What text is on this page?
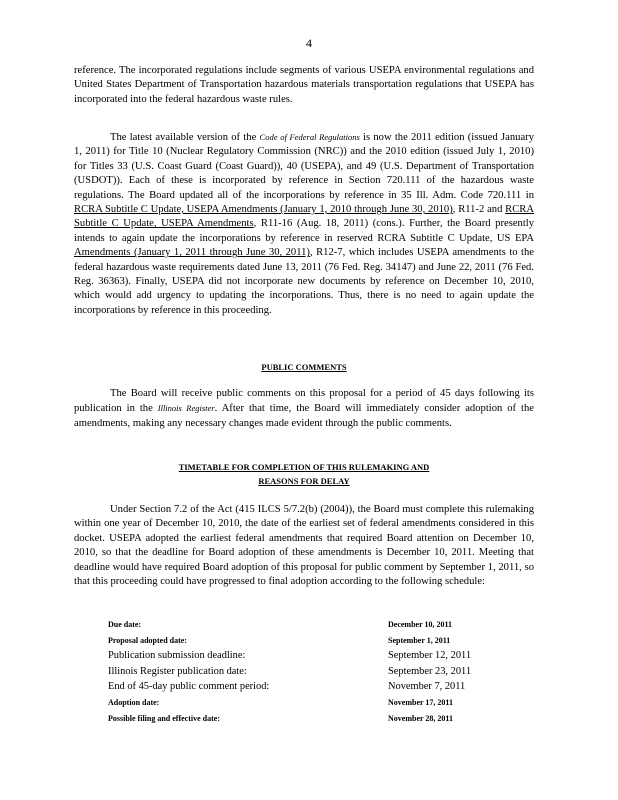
4

reference. The incorporated regulations include segments of various USEPA environmental regulations and United States Department of Transportation hazardous materials transportation regulations that USEPA has incorporated into the federal hazardous waste rules.

The latest available version of the Code of Federal Regulations is now the 2011 edition (issued January 1, 2011) for Title 10 (Nuclear Regulatory Commission (NRC)) and the 2010 edition (issued July 1, 2010) for Titles 33 (U.S. Coast Guard (Coast Guard)), 40 (USEPA), and 49 (U.S. Department of Transportation (USDOT)). Each of these is incorporated by reference in Section 720.111 of the hazardous waste regulations. The Board updated all of the incorporations by reference in 35 Ill. Adm. Code 720.111 in RCRA Subtitle C Update, USEPA Amendments (January 1, 2010 through June 30, 2010), R11-2 and RCRA Subtitle C Update, USEPA Amendments, R11-16 (Aug. 18, 2011) (cons.). Further, the Board presently intends to again update the incorporations by reference in reserved RCRA Subtitle C Update, US EPA Amendments (January 1, 2011 through June 30, 2011), R12-7, which includes USEPA amendments to the federal hazardous waste requirements dated June 13, 2011 (76 Fed. Reg. 34147) and June 22, 2011 (76 Fed. Reg. 36363). Finally, USEPA did not incorporate new documents by reference on December 10, 2010, which would add urgency to updating the incorporations. Thus, there is no need to again update the incorporations by reference in this proceeding.

PUBLIC COMMENTS

The Board will receive public comments on this proposal for a period of 45 days following its publication in the Illinois Register. After that time, the Board will immediately consider adoption of the amendments, making any necessary changes made evident through the public comments.

TIMETABLE FOR COMPLETION OF THIS RULEMAKING AND
REASONS FOR DELAY

Under Section 7.2 of the Act (415 ILCS 5/7.2(b) (2004)), the Board must complete this rulemaking within one year of December 10, 2010, the date of the earliest set of federal amendments considered in this docket. USEPA adopted the earliest federal amendments that required Board attention on December 10, 2010, so that the deadline for Board adoption of these amendments is December 10, 2011. Meeting that deadline would have required Board adoption of this proposal for public comment by September 1, 2011, so that this proceeding could have progressed to final adoption according to the following schedule:

Due date:	December 10, 2011
Proposal adopted date:	September 1, 2011
Publication submission deadline:	September 12, 2011
Illinois Register publication date:	September 23, 2011
End of 45-day public comment period:	November 7, 2011
Adoption date:	November 17, 2011
Possible filing and effective date:	November 28, 2011
